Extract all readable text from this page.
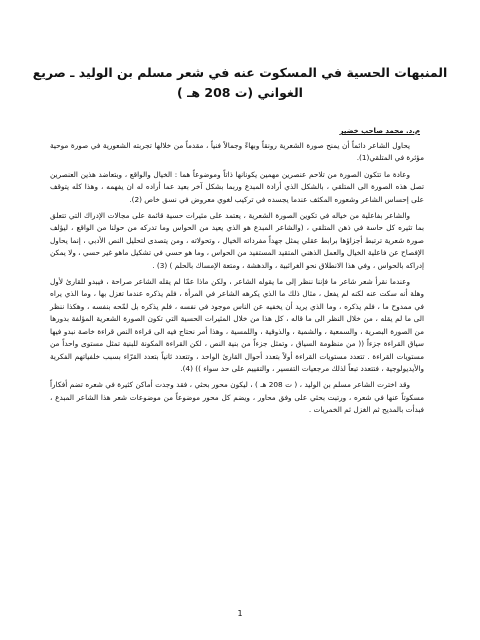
المنبهات الحسية في المسكوت عنه في شعر مسلم بن الوليد ـ صريع الغواني (ت 208 هـ )
م.د. محمد صاحب خضير

يحاول الشاعر دائماً أن يمنح صورة الشعرية رونقاً وبهاءً وجمالاً فنياً ، مقدماً من خلالها تجربته الشعورية في صورة موحية مؤثرة في المتلقي(1).

وعادة ما تتكون الصورة من تلاحم عنصرين مهمين يكونانها ذاتاً وموضوعاً هما : الخيال والواقع ، وبتعاضد هذين العنصرين تصل هذه الصورة الى المتلقي ، بالشكل الذي أرادة المبدع وربما بشكل آخر بعيد عما أراده له ان يفهمه ، وهذا كله يتوقف على إحساس الشاعر وشعوره المكثف عندما يجسده في تركيب لغوي معروض في نسق خاص (2).

والشاعر بفاعلية من خياله في تكوين الصورة الشعرية ، يعتمد على مثيرات حسية قائمة على مجالات الإدراك التي تتعلق بما تثيره كل حاسة في ذهن المتلقي ، (والشاعر المبدع هو الذي يعيد من الحواس وما تدركه من حولنا من الواقع ، ليؤلف صورة شعرية ترتبط أجزاؤها برابط عقلي يمثل جهداً مفرداته الخيال ، وتحولاته ، ومن يتصدى لتحليل النص الأدبي ، إنما يحاول الإفصاح عن فاعلية الخيال والعمل الذهني المتقيد المستفيد من الحواس ، وما هو حسي في تشكيل ماهو غير حسي ، ولا يمكن إدراكه بالحواس ، وفي هذا الانطلاق نحو الغرائبية ، والدهشة ، ومتعة الإمساك بالحلم ) (3) .

وعندما نقرأ شعر شاعر ما فإننا ننظر إلى ما يقوله الشاعر ، ولكن ماذا عمّا لم يقله الشاعر صراحة ، فيبدو للقارئ لأول وهلة أنه سكت عنه لكنه لم يفعل ، مثال ذلك ما الذي يكرهه الشاعر في المرأة ، فلم يذكره عندما تغزل بها ، وما الذي يراه في ممدوح ما ، فلم يذكره ، وما الذي يريد أن يخفيه عن الناس موجود في نفسه ، فلم يذكره بل لمّحه بنفسه ، وهكذا ننظر الى ما لم يقله ، من خلال النظر الى ما قاله ، كل هذا من خلال المثيرات الحسية التي تكون الصورة الشعرية المؤلفة بدورها من الصورة البصرية ، والسمعية ، والشمية ، والذوقية ، واللمسية ، وهذا أمر نحتاج فيه الى قراءة النص قراءة خاصة نبدو فيها سياق القراءة جزءاً (( من منظومة السياق ، وتمثل جزءاً من بنية النص ، لكن القراءة المكونة للبنية تمثل مستوى واحداً من مستويات القراءة . تتعدد مستويات القراءة أولاً بتعدد أحوال القارئ الواحد ، وتتعدد ثانياً بتعدد القرّاء بسبب خلفياتهم الفكرية والأيديولوجية ، فتتعدد تبعاً لذلك مرجعيات التفسير ، والتقييم على حد سواء )) (4).

وقد اخترت الشاعر مسلم بن الوليد ، ( ت 208 هـ ) ، ليكون محور بحثي ، فقد وجدت أماكن كثيرة في شعره تضم أفكاراً مسكوتاً عنها في شعره ، ورتبت بحثي على وفق محاور ، ويضم كل محور موضوعاً من موضوعات شعر هذا الشاعر المبدع ، فبدأت بالمديح ثم الغزل ثم الخمريات .

1
